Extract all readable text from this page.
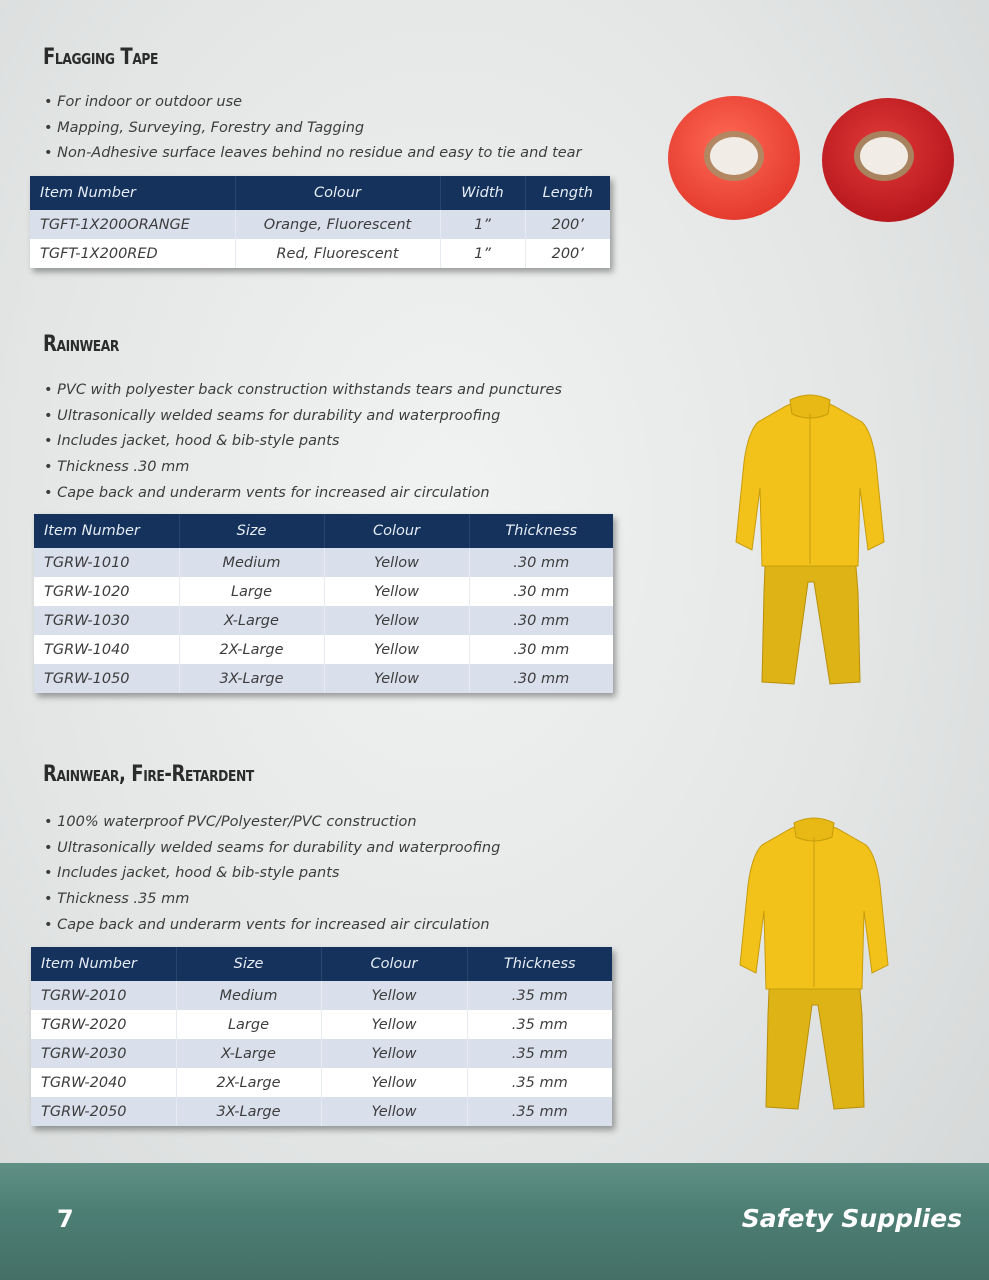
Flagging Tape
• For indoor or outdoor use
• Mapping, Surveying, Forestry and Tagging
• Non-Adhesive surface leaves behind no residue and easy to tie and tear
Item Number	Colour	Width	Length
TGFT-1X200ORANGE	Orange, Fluorescent	1”	200’
TGFT-1X200RED	Red, Fluorescent	1”	200’
Rainwear
• PVC with polyester back construction withstands tears and punctures
• Ultrasonically welded seams for durability and waterproofing
• Includes jacket, hood & bib-style pants
• Thickness .30 mm
• Cape back and underarm vents for increased air circulation
Item Number	Size	Colour	Thickness
TGRW-1010	Medium	Yellow	.30 mm
TGRW-1020	Large	Yellow	.30 mm
TGRW-1030	X-Large	Yellow	.30 mm
TGRW-1040	2X-Large	Yellow	.30 mm
TGRW-1050	3X-Large	Yellow	.30 mm
Rainwear, Fire-Retardent
• 100% waterproof PVC/Polyester/PVC construction
• Ultrasonically welded seams for durability and waterproofing
• Includes jacket, hood & bib-style pants
• Thickness .35 mm
• Cape back and underarm vents for increased air circulation
Item Number	Size	Colour	Thickness
TGRW-2010	Medium	Yellow	.35 mm
TGRW-2020	Large	Yellow	.35 mm
TGRW-2030	X-Large	Yellow	.35 mm
TGRW-2040	2X-Large	Yellow	.35 mm
TGRW-2050	3X-Large	Yellow	.35 mm
7	Safety Supplies
